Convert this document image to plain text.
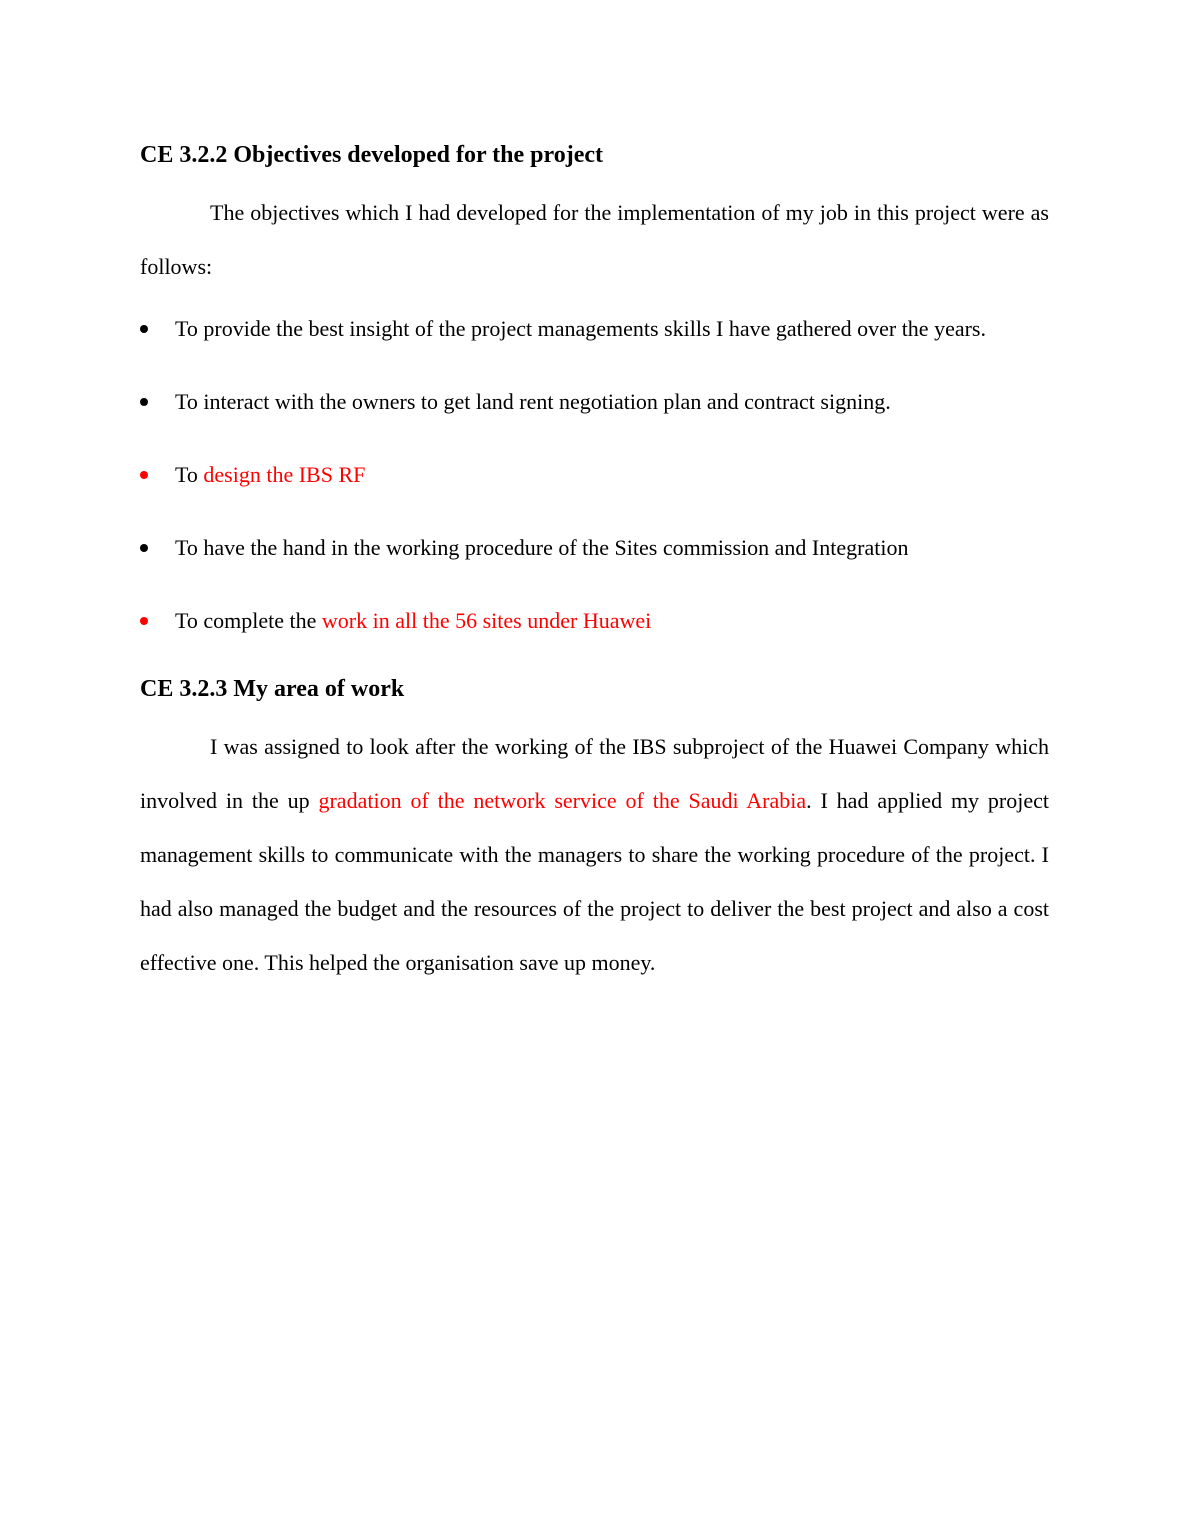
CE 3.2.2 Objectives developed for the project

The objectives which I had developed for the implementation of my job in this project were as follows:

To provide the best insight of the project managements skills I have gathered over the years.
To interact with the owners to get land rent negotiation plan and contract signing.
To design the IBS RF
To have the hand in the working procedure of the Sites commission and Integration
To complete the work in all the 56 sites under Huawei
CE 3.2.3 My area of work

I was assigned to look after the working of the IBS subproject of the Huawei Company which involved in the up gradation of the network service of the Saudi Arabia. I had applied my project management skills to communicate with the managers to share the working procedure of the project. I had also managed the budget and the resources of the project to deliver the best project and also a cost effective one. This helped the organisation save up money.
